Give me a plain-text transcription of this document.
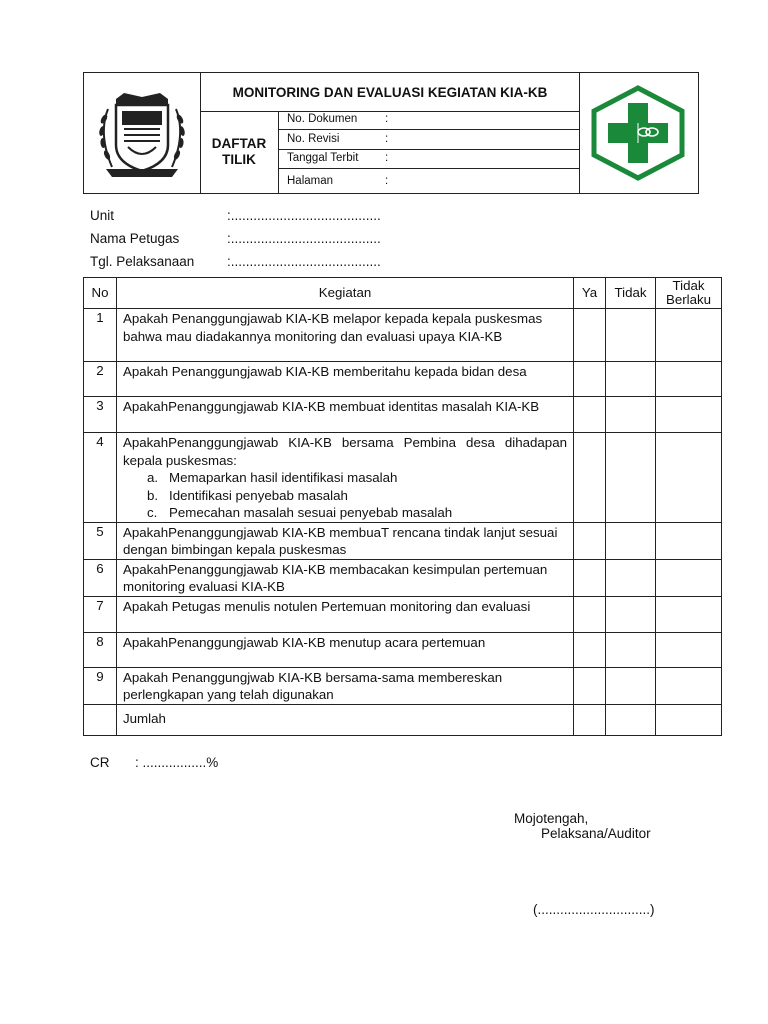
MONITORING DAN EVALUASI KEGIATAN KIA-KB
DAFTAR
TILIK
No. Dokumen :
No. Revisi	:
Tanggal Terbit :
Halaman	:
Unit	:........................................
Nama Petugas	:........................................
Tgl. Pelaksanaan :........................................
No	Kegiatan	Ya	Tidak	Tidak
Berlaku
1	Apakah Penanggungjawab KIA-KB melapor kepada kepala puskesmas bahwa mau diadakannya monitoring dan evaluasi upaya KIA-KB			
2	Apakah Penanggungjawab KIA-KB memberitahu kepada bidan desa			
3	ApakahPenanggungjawab KIA-KB membuat identitas masalah KIA-KB			
4	ApakahPenanggungjawab KIA-KB bersama Pembina desa dihadapan kepala puskesmas:
a. Memaparkan hasil identifikasi masalah
b. Identifikasi penyebab masalah
c. Pemecahan masalah sesuai penyebab masalah			

5	ApakahPenanggungjawab KIA-KB membuaT rencana tindak lanjut sesuai dengan bimbingan kepala puskesmas			
6	ApakahPenanggungjawab KIA-KB membacakan kesimpulan pertemuan monitoring evaluasi KIA-KB			
7	Apakah Petugas menulis notulen Pertemuan monitoring dan evaluasi			
8	ApakahPenanggungjawab KIA-KB menutup acara pertemuan			
9	Apakah Penanggungjwab KIA-KB bersama-sama membereskan perlengkapan yang telah digunakan			
	Jumlah			
CR : .................%
Mojotengah,
Pelaksana/Auditor
(..............................)
